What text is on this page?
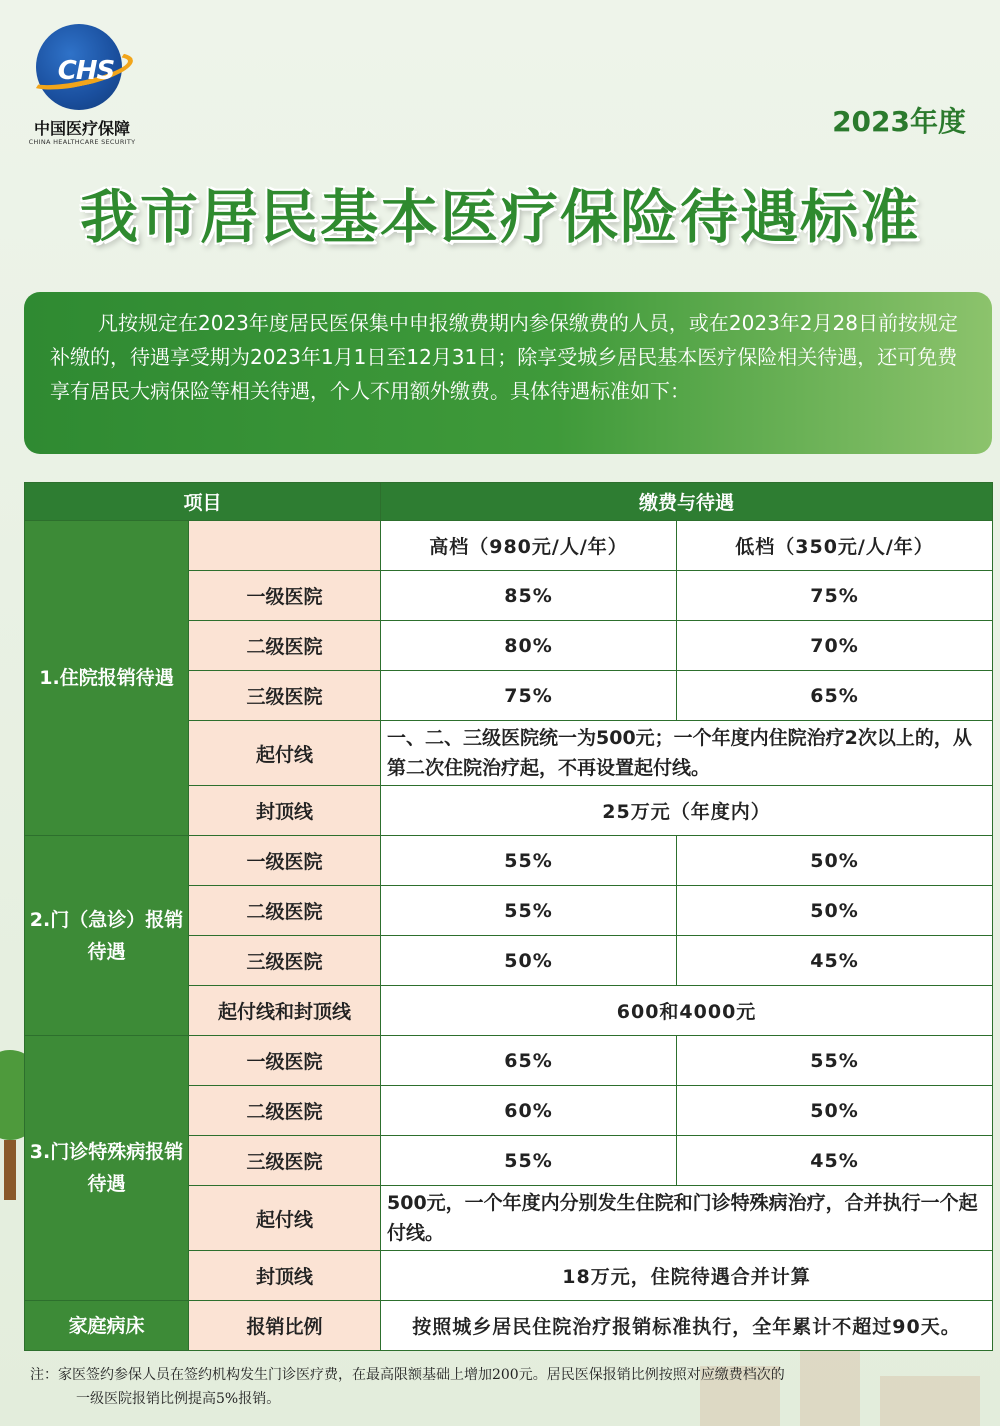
CHS
中国医疗保障
CHINA HEALTHCARE SECURITY
2023年度
我市居民基本医疗保险待遇标准
凡按规定在2023年度居民医保集中申报缴费期内参保缴费的人员，或在2023年2月28日前按规定补缴的，待遇享受期为2023年1月1日至12月31日；除享受城乡居民基本医疗保险相关待遇，还可免费享有居民大病保险等相关待遇，个人不用额外缴费。具体待遇标准如下：
项目		缴费与待遇	
1.住院报销待遇		高档（980元/人/年）	低档（350元/人/年）
	一级医院	85%	75%
	二级医院	80%	70%
	三级医院	75%	65%
	起付线	一、二、三级医院统一为500元；一个年度内住院治疗2次以上的，从第二次住院治疗起，不再设置起付线。	
	封顶线	25万元（年度内）	
2.门（急诊）报销待遇	一级医院	55%	50%
	二级医院	55%	50%
	三级医院	50%	45%
	起付线和封顶线	600和4000元	
3.门诊特殊病报销待遇	一级医院	65%	55%
	二级医院	60%	50%
	三级医院	55%	45%
	起付线	500元，一个年度内分别发生住院和门诊特殊病治疗，合并执行一个起付线。	
	封顶线	18万元，住院待遇合并计算	
家庭病床	报销比例	按照城乡居民住院治疗报销标准执行，全年累计不超过90天。	
注：家医签约参保人员在签约机构发生门诊医疗费，在最高限额基础上增加200元。居民医保报销比例按照对应缴费档次的
一级医院报销比例提高5%报销。
